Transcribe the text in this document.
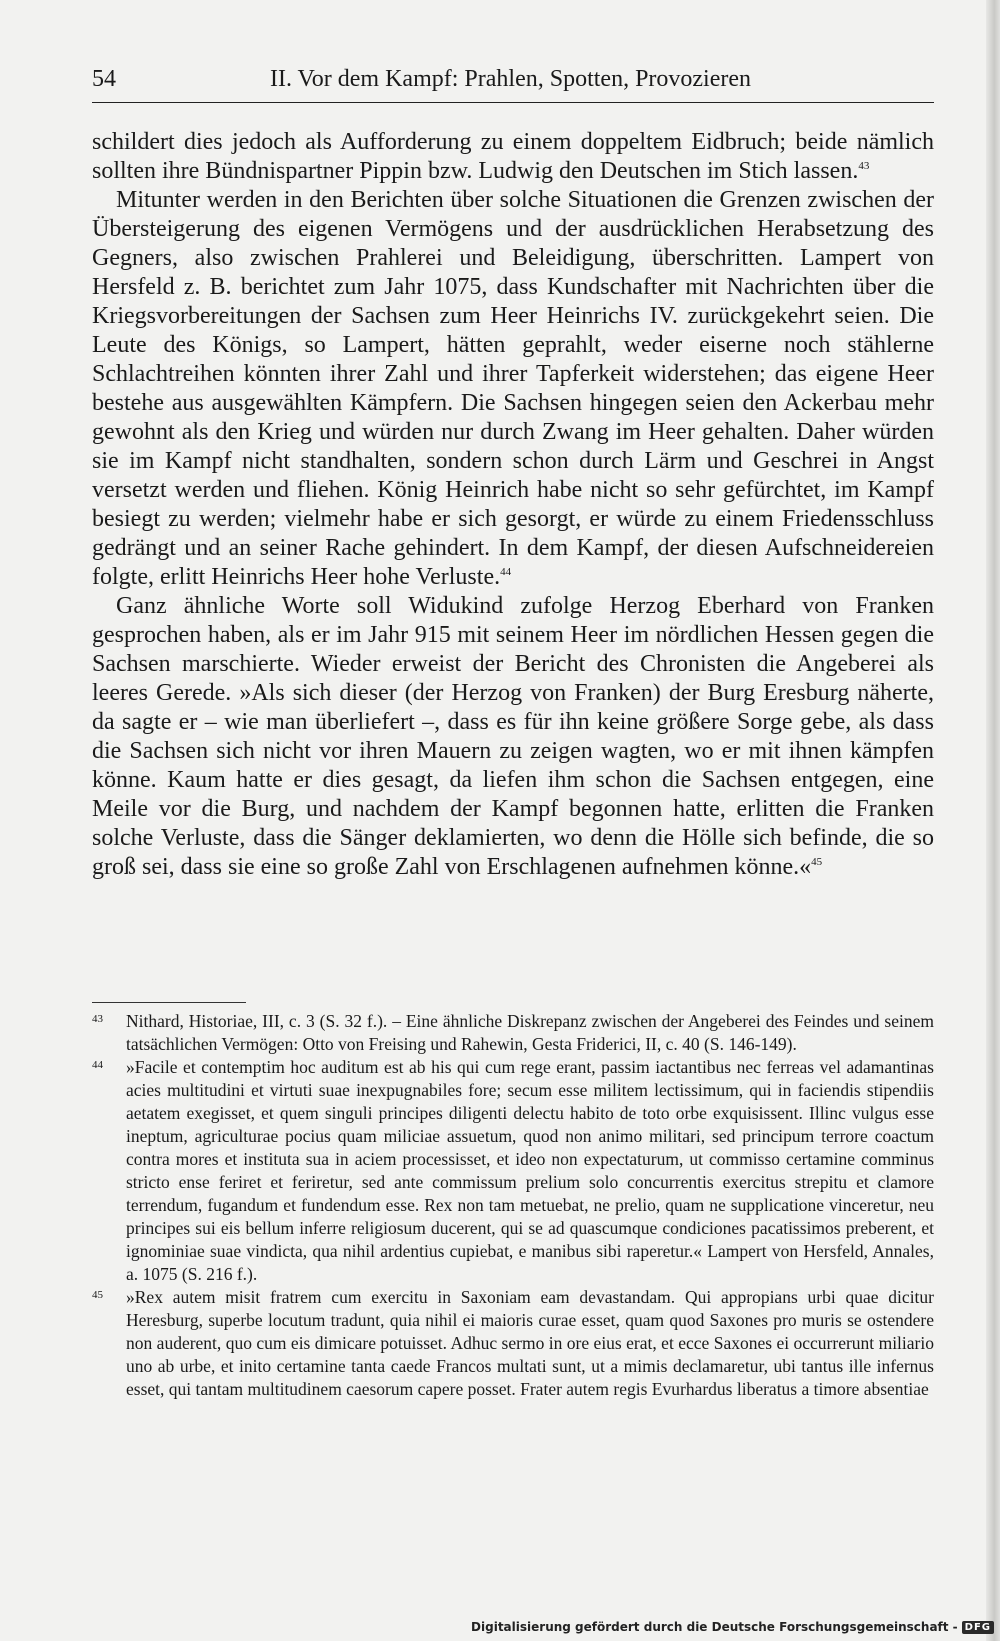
54	II. Vor dem Kampf: Prahlen, Spotten, Provozieren

schildert dies jedoch als Aufforderung zu einem doppeltem Eidbruch; beide nämlich sollten ihre Bündnispartner Pippin bzw. Ludwig den Deutschen im Stich lassen.$^{43}$

Mitunter werden in den Berichten über solche Situationen die Grenzen zwischen der Übersteigerung des eigenen Vermögens und der ausdrücklichen Herabsetzung des Gegners, also zwischen Prahlerei und Beleidigung, überschritten. Lampert von Hersfeld z. B. berichtet zum Jahr 1075, dass Kundschafter mit Nachrichten über die Kriegsvorbereitungen der Sachsen zum Heer Heinrichs IV. zurückgekehrt seien. Die Leute des Königs, so Lampert, hätten geprahlt, weder eiserne noch stählerne Schlachtreihen könnten ihrer Zahl und ihrer Tapferkeit widerstehen; das eigene Heer bestehe aus ausgewählten Kämpfern. Die Sachsen hingegen seien den Ackerbau mehr gewohnt als den Krieg und würden nur durch Zwang im Heer gehalten. Daher würden sie im Kampf nicht standhalten, sondern schon durch Lärm und Geschrei in Angst versetzt werden und fliehen. König Heinrich habe nicht so sehr gefürchtet, im Kampf besiegt zu werden; vielmehr habe er sich gesorgt, er würde zu einem Friedensschluss gedrängt und an seiner Rache gehindert. In dem Kampf, der diesen Aufschneidereien folgte, erlitt Heinrichs Heer hohe Verluste.$^{44}$

Ganz ähnliche Worte soll Widukind zufolge Herzog Eberhard von Franken gesprochen haben, als er im Jahr 915 mit seinem Heer im nördlichen Hessen gegen die Sachsen marschierte. Wieder erweist der Bericht des Chronisten die Angeberei als leeres Gerede. »Als sich dieser (der Herzog von Franken) der Burg Eresburg näherte, da sagte er – wie man überliefert –, dass es für ihn keine größere Sorge gebe, als dass die Sachsen sich nicht vor ihren Mauern zu zeigen wagten, wo er mit ihnen kämpfen könne. Kaum hatte er dies gesagt, da liefen ihm schon die Sachsen entgegen, eine Meile vor die Burg, und nachdem der Kampf begonnen hatte, erlitten die Franken solche Verluste, dass die Sänger deklamierten, wo denn die Hölle sich befinde, die so groß sei, dass sie eine so große Zahl von Erschlagenen aufnehmen könne.«$^{45}$

43 Nithard, Historiae, III, c. 3 (S. 32 f.). – Eine ähnliche Diskrepanz zwischen der Angeberei des Feindes und seinem tatsächlichen Vermögen: Otto von Freising und Rahewin, Gesta Friderici, II, c. 40 (S. 146-149).

44 »Facile et contemptim hoc auditum est ab his qui cum rege erant, passim iactantibus nec ferreas vel adamantinas acies multitudini et virtuti suae inexpugnabiles fore; secum esse militem lectissimum, qui in faciendis stipendiis aetatem exegisset, et quem singuli principes diligenti delectu habito de toto orbe exquisissent. Illinc vulgus esse ineptum, agriculturae pocius quam miliciae assuetum, quod non animo militari, sed principum terrore coactum contra mores et instituta sua in aciem processisset, et ideo non expectaturum, ut commisso certamine comminus stricto ense feriret et feriretur, sed ante commissum prelium solo concurrentis exercitus strepitu et clamore terrendum, fugandum et fundendum esse. Rex non tam metuebat, ne prelio, quam ne supplicatione vinceretur, neu principes sui eis bellum inferre religiosum ducerent, qui se ad quascumque condiciones pacatissimos preberent, et ignominiae suae vindicta, qua nihil ardentius cupiebat, e manibus sibi raperetur.« Lampert von Hersfeld, Annales, a. 1075 (S. 216 f.).

45 »Rex autem misit fratrem cum exercitu in Saxoniam eam devastandam. Qui appropians urbi quae dicitur Heresburg, superbe locutum tradunt, quia nihil ei maioris curae esset, quam quod Saxones pro muris se ostendere non auderent, quo cum eis dimicare potuisset. Adhuc sermo in ore eius erat, et ecce Saxones ei occurrerunt miliario uno ab urbe, et inito certamine tanta caede Francos multati sunt, ut a mimis declamaretur, ubi tantus ille infernus esset, qui tantam multitudinem caesorum capere posset. Frater autem regis Evurhardus liberatus a timore absentiae

Digitalisierung gefördert durch die Deutsche Forschungsgemeinschaft - DFG
